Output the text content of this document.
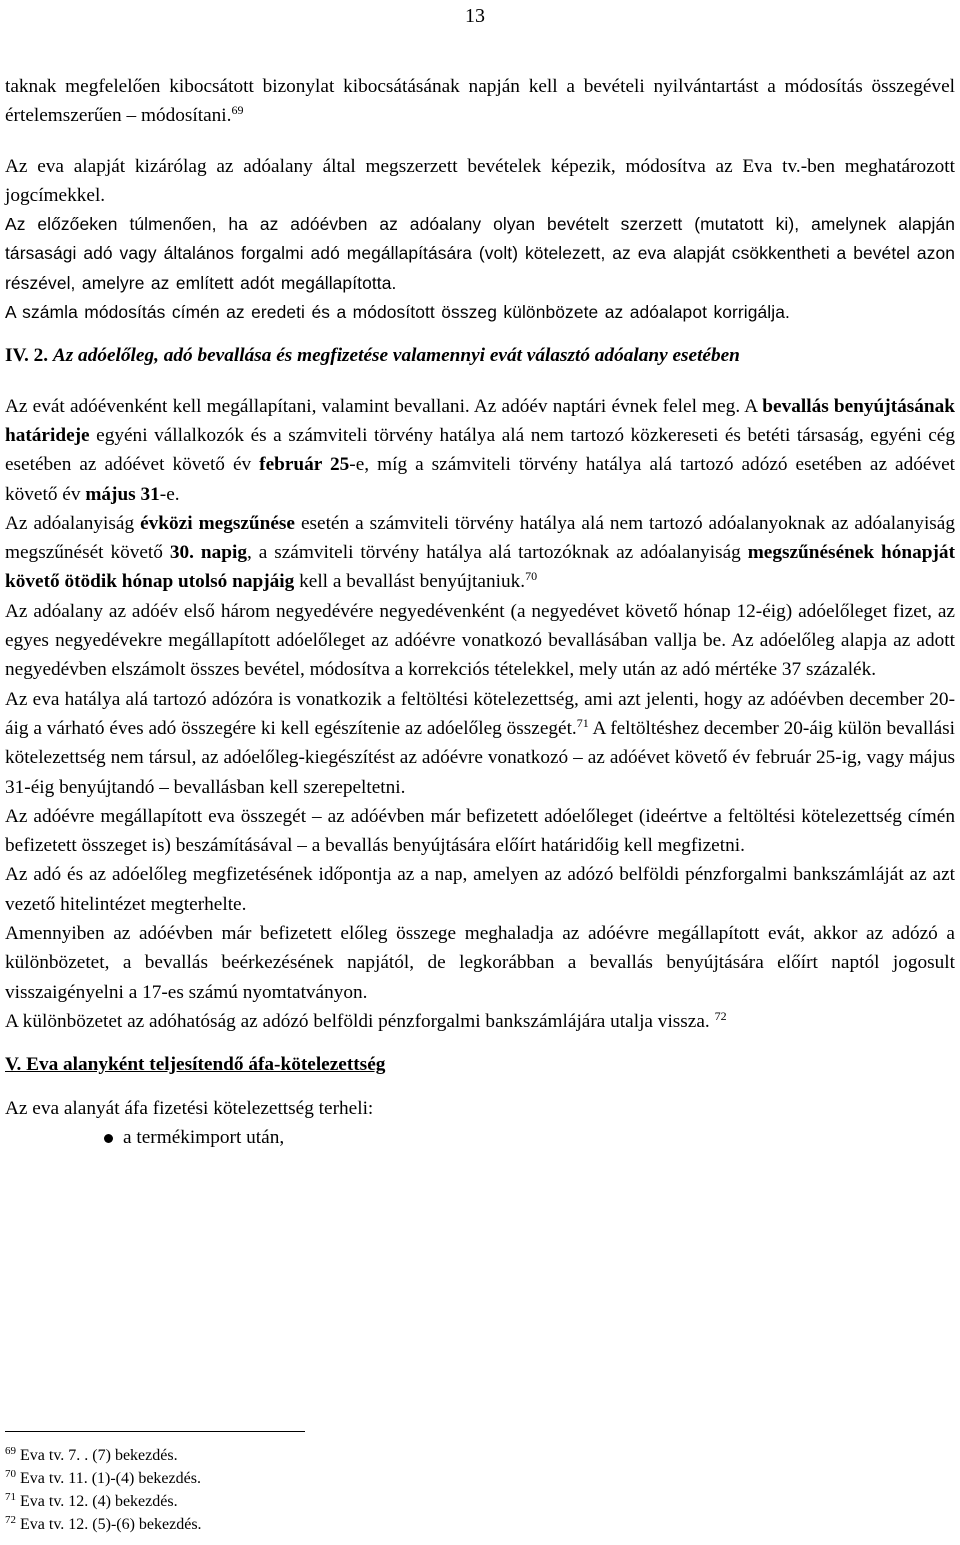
13

taknak megfelelően kibocsátott bizonylat kibocsátásának napján kell a bevételi nyilvántartást a módosítás összegével értelemszerűen – módosítani.$^{69}$

Az eva alapját kizárólag az adóalany által megszerzett bevételek képezik, módosítva az Eva tv.-ben meghatározott jogcímekkel.

Az előzőeken túlmenően, ha az adóévben az adóalany olyan bevételt szerzett (mutatott ki), amelynek alapján társasági adó vagy általános forgalmi adó megállapítására (volt) kötelezett, az eva alapját csökkentheti a bevétel azon részével, amelyre az említett adót megállapította.

A számla módosítás címén az eredeti és a módosított összeg különbözete az adóalapot korrigálja.

IV. 2. Az adóelőleg, adó bevallása és megfizetése valamennyi evát választó adóalany esetében

Az evát adóévenként kell megállapítani, valamint bevallani. Az adóév naptári évnek felel meg. A bevallás benyújtásának határideje egyéni vállalkozók és a számviteli törvény hatálya alá nem tartozó közkereseti és betéti társaság, egyéni cég esetében az adóévet követő év február 25-e, míg a számviteli törvény hatálya alá tartozó adózó esetében az adóévet követő év május 31-e.

Az adóalanyiság évközi megszűnése esetén a számviteli törvény hatálya alá nem tartozó adóalanyoknak az adóalanyiság megszűnését követő 30. napig, a számviteli törvény hatálya alá tartozóknak az adóalanyiság megszűnésének hónapját követő ötödik hónap utolsó napjáig kell a bevallást benyújtaniuk.$^{70}$

Az adóalany az adóév első három negyedévére negyedévenként (a negyedévet követő hónap 12-éig) adóelőleget fizet, az egyes negyedévekre megállapított adóelőleget az adóévre vonatkozó bevallásában vallja be. Az adóelőleg alapja az adott negyedévben elszámolt összes bevétel, módosítva a korrekciós tételekkel, mely után az adó mértéke 37 százalék.

Az eva hatálya alá tartozó adózóra is vonatkozik a feltöltési kötelezettség, ami azt jelenti, hogy az adóévben december 20-áig a várható éves adó összegére ki kell egészítenie az adóelőleg összegét.$^{71}$ A feltöltéshez december 20-áig külön bevallási kötelezettség nem társul, az adóelőleg-kiegészítést az adóévre vonatkozó – az adóévet követő év február 25-ig, vagy május 31-éig benyújtandó – bevallásban kell szerepeltetni.

Az adóévre megállapított eva összegét – az adóévben már befizetett adóelőleget (ideértve a feltöltési kötelezettség címén befizetett összeget is) beszámításával – a bevallás benyújtására előírt határidőig kell megfizetni.

Az adó és az adóelőleg megfizetésének időpontja az a nap, amelyen az adózó belföldi pénzforgalmi bankszámláját az azt vezető hitelintézet megterhelte.

Amennyiben az adóévben már befizetett előleg összege meghaladja az adóévre megállapított evát, akkor az adózó a különbözetet, a bevallás beérkezésének napjától, de legkorábban a bevallás benyújtására előírt naptól jogosult visszaigényelni a 17-es számú nyomtatványon.

A különbözetet az adóhatóság az adózó belföldi pénzforgalmi bankszámlájára utalja vissza. $^{72}$

V. Eva alanyként teljesítendő áfa-kötelezettség

Az eva alanyát áfa fizetési kötelezettség terheli:

a termékimport után,
$^{69}$ Eva tv. 7. . (7) bekezdés.
$^{70}$ Eva tv. 11. (1)-(4) bekezdés.
$^{71}$ Eva tv. 12. (4) bekezdés.
$^{72}$ Eva tv. 12. (5)-(6) bekezdés.
